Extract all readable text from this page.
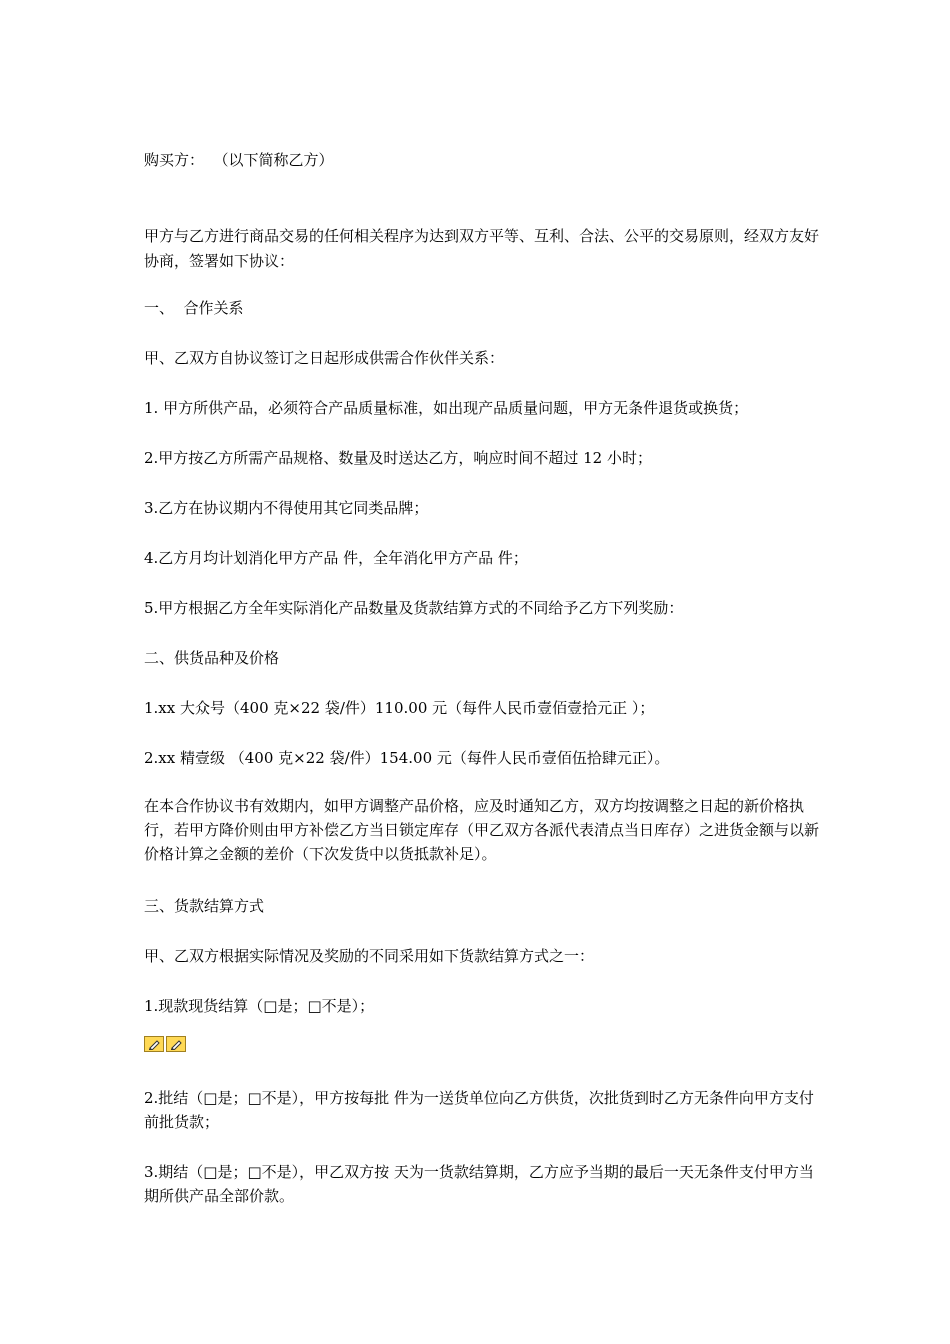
购买方：  （以下简称乙方）
甲方与乙方进行商品交易的任何相关程序为达到双方平等、互利、合法、公平的交易原则，经双方友好协商，签署如下协议：
一、  合作关系
甲、乙双方自协议签订之日起形成供需合作伙伴关系：
1. 甲方所供产品，必须符合产品质量标准，如出现产品质量问题，甲方无条件退货或换货；
2.甲方按乙方所需产品规格、数量及时送达乙方，响应时间不超过 12 小时；
3.乙方在协议期内不得使用其它同类品牌；
4.乙方月均计划消化甲方产品 件，全年消化甲方产品 件；
5.甲方根据乙方全年实际消化产品数量及货款结算方式的不同给予乙方下列奖励：
二、供货品种及价格
1.xx 大众号（400 克×22 袋/件）110.00 元（每件人民币壹佰壹拾元正 ）；
2.xx 精壹级 （400 克×22 袋/件）154.00 元（每件人民币壹佰伍拾肆元正）。
在本合作协议书有效期内，如甲方调整产品价格，应及时通知乙方，双方均按调整之日起的新价格执行，若甲方降价则由甲方补偿乙方当日锁定库存（甲乙双方各派代表清点当日库存）之进货金额与以新价格计算之金额的差价（下次发货中以货抵款补足）。
三、货款结算方式
甲、乙双方根据实际情况及奖励的不同采用如下货款结算方式之一：
1.现款现货结算（□是；□不是）；
2.批结（□是；□不是），甲方按每批 件为一送货单位向乙方供货，次批货到时乙方无条件向甲方支付前批货款；
3.期结（□是；□不是），甲乙双方按 天为一货款结算期，乙方应予当期的最后一天无条件支付甲方当期所供产品全部价款。
